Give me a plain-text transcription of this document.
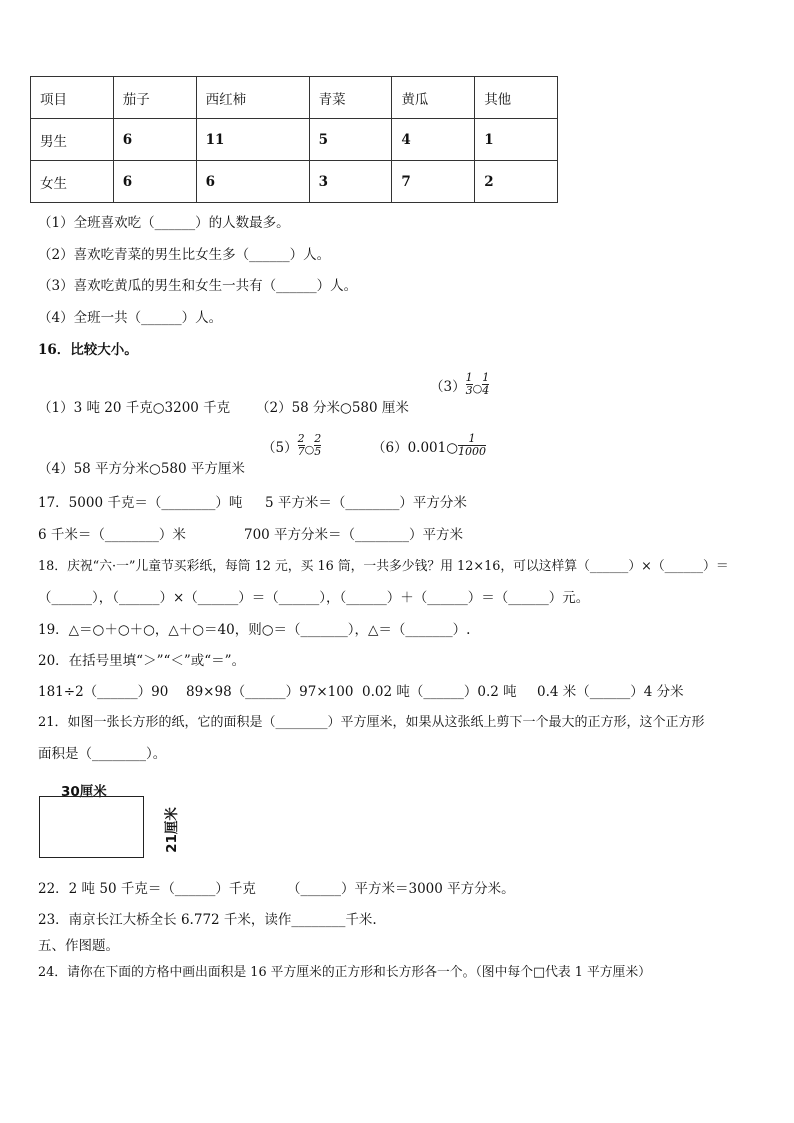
项目	茄子	西红柿	青菜	黄瓜	其他
男生	6	11	5	4	1
女生	6	6	3	7	2
（1）全班喜欢吃（______）的人数最多。
（2）喜欢吃青菜的男生比女生多（______）人。
（3）喜欢吃黄瓜的男生和女生一共有（______）人。
（4）全班一共（______）人。
16．比较大小。
（1）3 吨 20 千克○3200 千克 （2）58 分米○580 厘米
$(3) \frac{1}{3}$ ○ $\frac{1}{4}$
（4）58 平方分米○580 平方厘米
$(5) \frac{2}{7}$ ○ $\frac{2}{5}$	（6）0.001○ $\frac{1}{1000}$
17．5000 千克＝（________）吨 5 平方米＝（________）平方分米
6 千米＝（________）米	700 平方分米＝（________）平方米
18．庆祝“六·一”儿童节买彩纸，每筒 12 元，买 16 筒，一共多少钱？用 12×16，可以这样算（______）×（______）＝
（______），（______）×（______）＝（______），（______）＋（______）＝（______）元。
19．△＝○＋○＋○，△＋○＝40，则○＝（_______），△＝（_______）.
20．在括号里填“＞”“＜”或“＝”。
181÷2（______）90 89×98（______）97×100 0.02 吨（______）0.2 吨 0.4 米（______）4 分米
21．如图一张长方形的纸，它的面积是（________）平方厘米，如果从这张纸上剪下一个最大的正方形，这个正方形
面积是（________）。
30厘米
21厘米
22．2 吨 50 千克＝（______）千克 （______）平方米＝3000 平方分米。
23．南京长江大桥全长 6.772 千米，读作________千米.
五、作图题。
24．请你在下面的方格中画出面积是 16 平方厘米的正方形和长方形各一个。（图中每个□代表 1 平方厘米）
